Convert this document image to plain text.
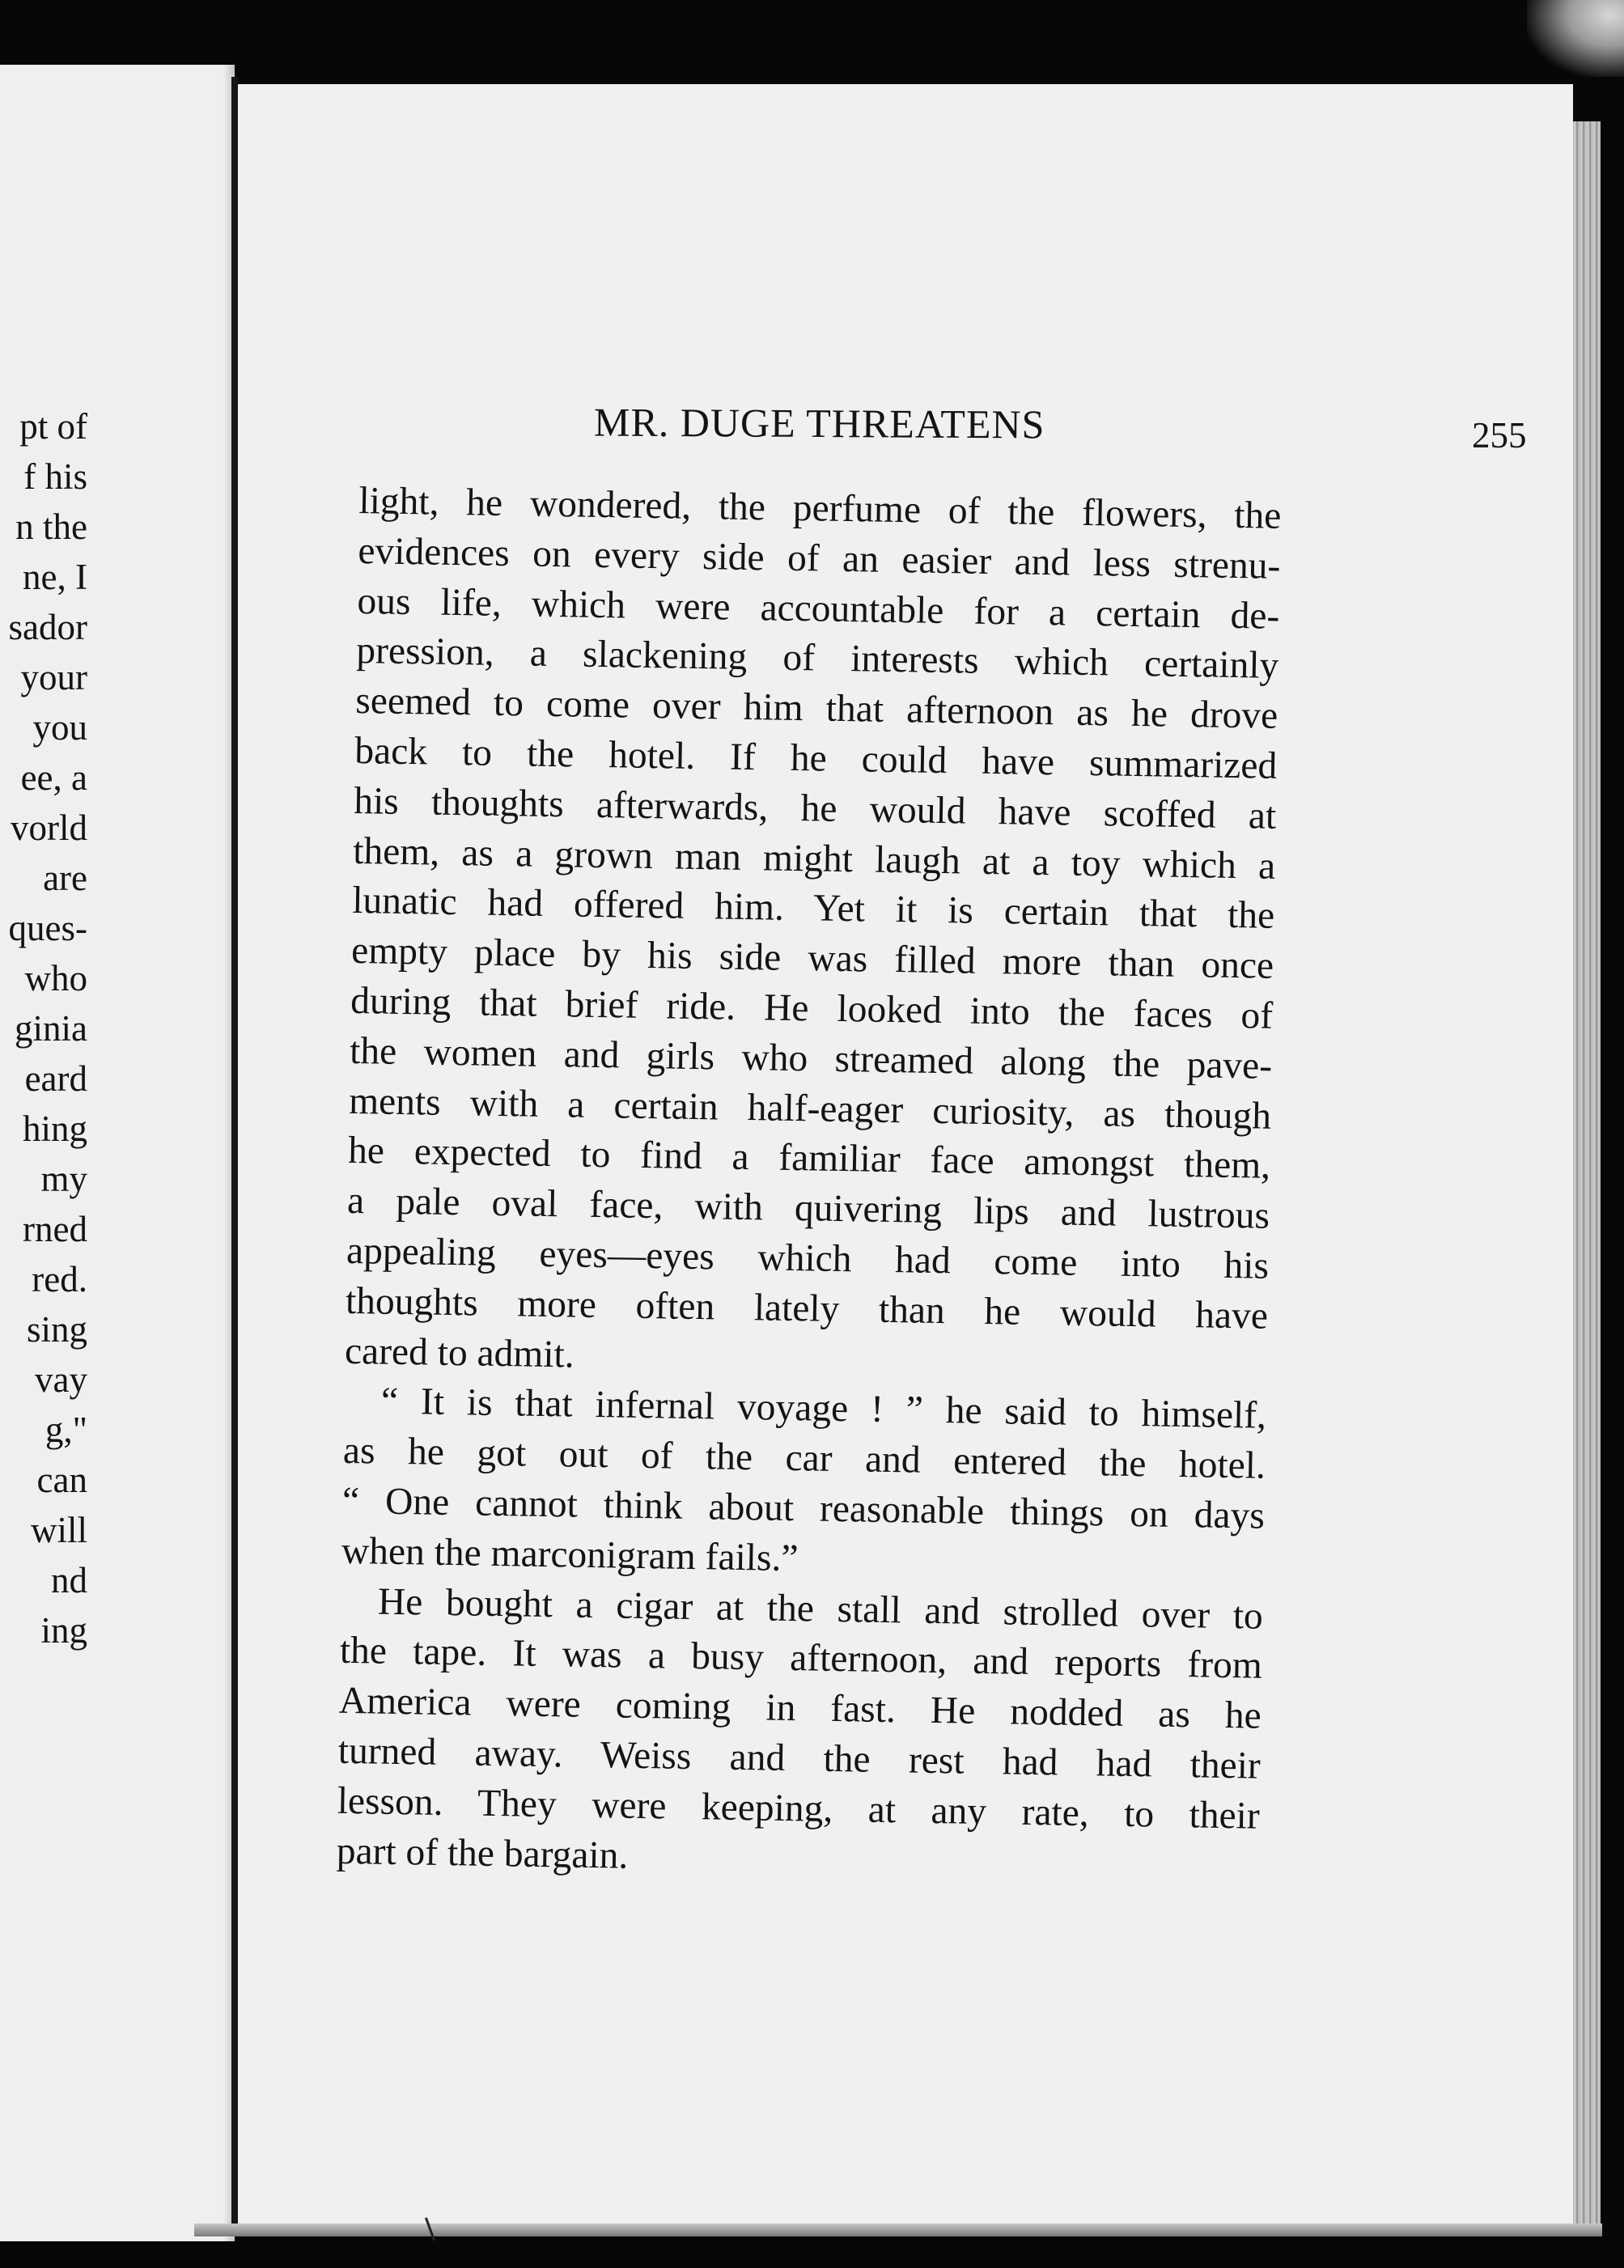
pt of
f his
n the
ne, I
sador
your
you
ee, a
vorld
are
ques-
who
ginia
eard
hing
my
rned
red.
sing
vay
g,"
can
will
nd
ing
MR. DUGE THREATENS	255
light, he wondered, the perfume of the flowers, the
evidences on every side of an easier and less strenu-
ous life, which were accountable for a certain de-
pression, a slackening of interests which certainly
seemed to come over him that afternoon as he drove
back to the hotel. If he could have summarized
his thoughts afterwards, he would have scoffed at
them, as a grown man might laugh at a toy which a
lunatic had offered him. Yet it is certain that the
empty place by his side was filled more than once
during that brief ride. He looked into the faces of
the women and girls who streamed along the pave-
ments with a certain half-eager curiosity, as though
he expected to find a familiar face amongst them,
a pale oval face, with quivering lips and lustrous
appealing eyes—eyes which had come into his
thoughts more often lately than he would have
cared to admit.
“ It is that infernal voyage ! ” he said to himself,
as he got out of the car and entered the hotel.
“ One cannot think about reasonable things on days
when the marconigram fails.”
He bought a cigar at the stall and strolled over to
the tape. It was a busy afternoon, and reports from
America were coming in fast. He nodded as he
turned away. Weiss and the rest had had their
lesson. They were keeping, at any rate, to their
part of the bargain.
